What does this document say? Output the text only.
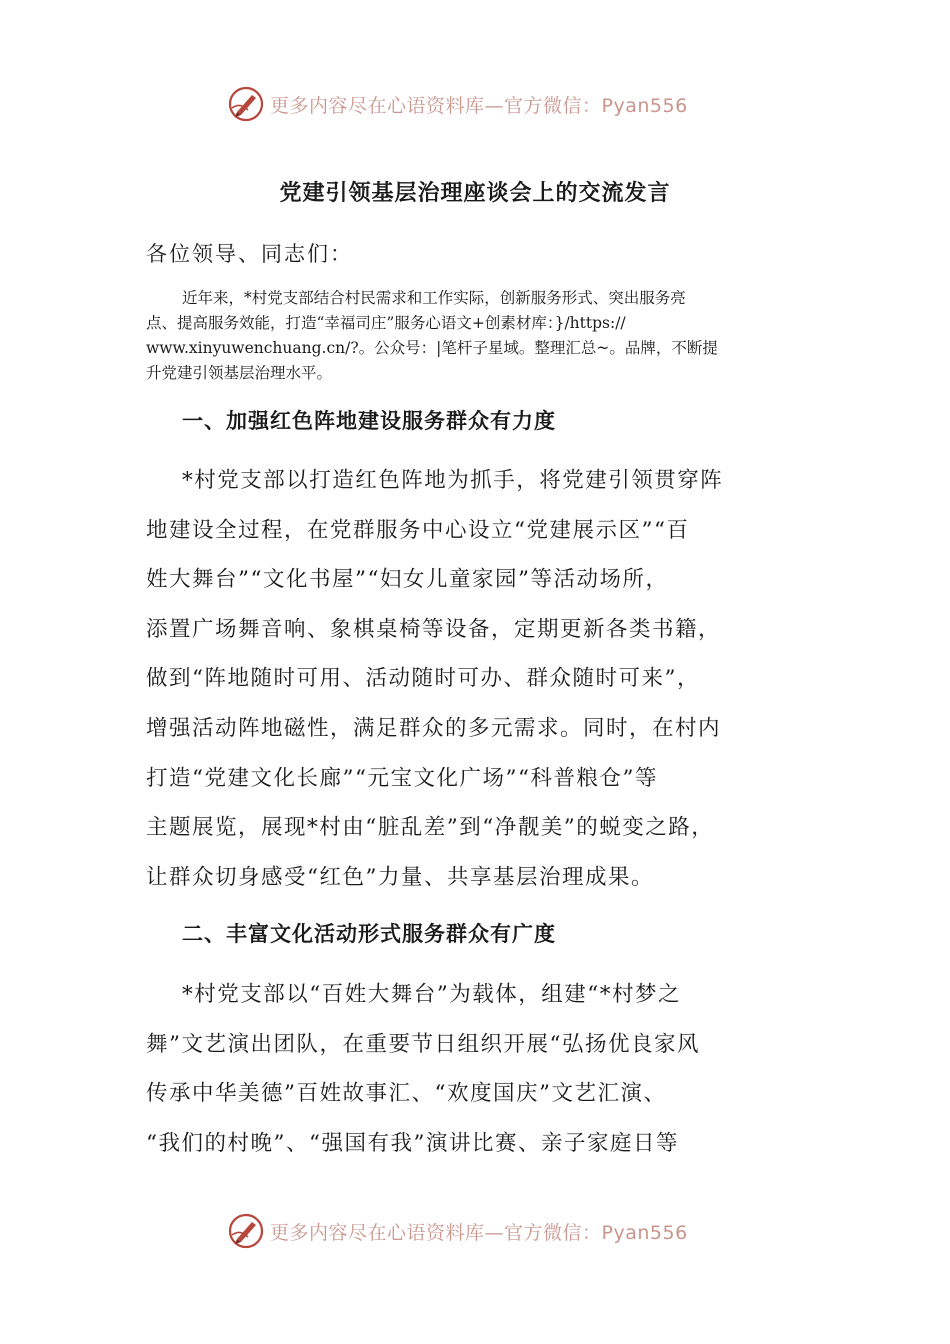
更多内容尽在心语资料库—官方微信：Pyan556
党建引领基层治理座谈会上的交流发言
各位领导、同志们：
近年来，*村党支部结合村民需求和工作实际，创新服务形式、突出服务亮
点、提高服务效能，打造“幸福司庄”服务心语文+创素材库：}/https://
www.xinyuwenchuang.cn/?。公众号：|笔杆子星域。整理汇总~。品牌，不断提
升党建引领基层治理水平。
一、加强红色阵地建设服务群众有力度
*村党支部以打造红色阵地为抓手，将党建引领贯穿阵
地建设全过程，在党群服务中心设立“党建展示区”“百
姓大舞台”“文化书屋”“妇女儿童家园”等活动场所，
添置广场舞音响、象棋桌椅等设备，定期更新各类书籍，
做到“阵地随时可用、活动随时可办、群众随时可来”，
增强活动阵地磁性，满足群众的多元需求。同时，在村内
打造“党建文化长廊”“元宝文化广场”“科普粮仓”等
主题展览，展现*村由“脏乱差”到“净靓美”的蜕变之路，
让群众切身感受“红色”力量、共享基层治理成果。
二、丰富文化活动形式服务群众有广度
*村党支部以“百姓大舞台”为载体，组建“*村梦之
舞”文艺演出团队，在重要节日组织开展“弘扬优良家风
传承中华美德”百姓故事汇、“欢度国庆”文艺汇演、
“我们的村晚”、“强国有我”演讲比赛、亲子家庭日等
更多内容尽在心语资料库—官方微信：Pyan556
